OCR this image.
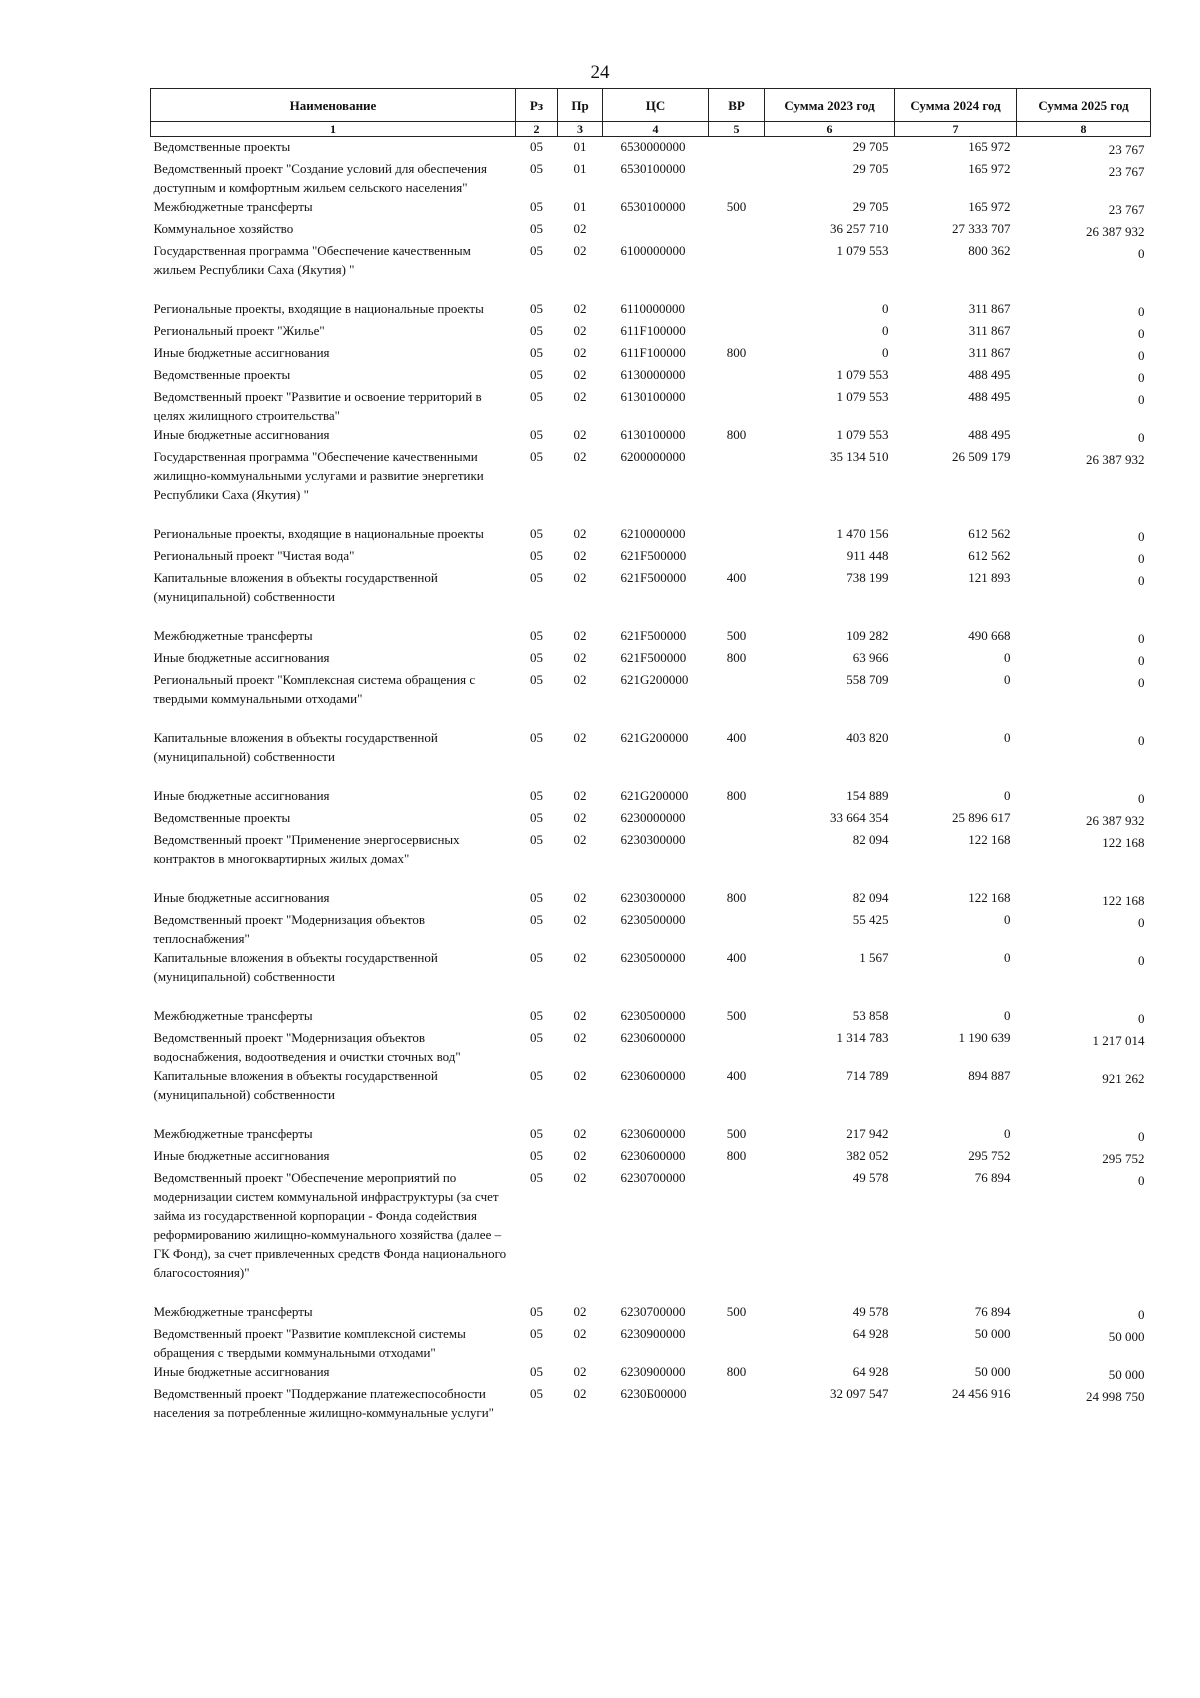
24
Наименование	Рз	Пр	ЦС	ВР	Сумма 2023 год	Сумма 2024 год	Сумма 2025 год
1	2	3	4	5	6	7	8
Ведомственные проекты	05	01	6530000000		29 705	165 972	23 767
Ведомственный проект "Создание условий для обеспечения доступным и комфортным жильем сельского населения"	05	01	6530100000		29 705	165 972	23 767
Межбюджетные трансферты	05	01	6530100000	500	29 705	165 972	23 767
Коммунальное хозяйство	05	02			36 257 710	27 333 707	26 387 932
Государственная программа "Обеспечение качественным жильем Республики Саха (Якутия) "	05	02	6100000000		1 079 553	800 362	0
Региональные проекты, входящие в национальные проекты	05	02	6110000000		0	311 867	0
Региональный проект "Жилье"	05	02	611F100000		0	311 867	0
Иные бюджетные ассигнования	05	02	611F100000	800	0	311 867	0
Ведомственные проекты	05	02	6130000000		1 079 553	488 495	0
Ведомственный проект "Развитие и освоение территорий в целях жилищного строительства"	05	02	6130100000		1 079 553	488 495	0
Иные бюджетные ассигнования	05	02	6130100000	800	1 079 553	488 495	0
Государственная программа "Обеспечение качественными жилищно-коммунальными услугами и развитие энергетики Республики Саха (Якутия) "	05	02	6200000000		35 134 510	26 509 179	26 387 932
Региональные проекты, входящие в национальные проекты	05	02	6210000000		1 470 156	612 562	0
Региональный проект "Чистая вода"	05	02	621F500000		911 448	612 562	0
Капитальные вложения в объекты государственной (муниципальной) собственности	05	02	621F500000	400	738 199	121 893	0
Межбюджетные трансферты	05	02	621F500000	500	109 282	490 668	0
Иные бюджетные ассигнования	05	02	621F500000	800	63 966	0	0
Региональный проект "Комплексная система обращения с твердыми коммунальными отходами"	05	02	621G200000		558 709	0	0
Капитальные вложения в объекты государственной (муниципальной) собственности	05	02	621G200000	400	403 820	0	0
Иные бюджетные ассигнования	05	02	621G200000	800	154 889	0	0
Ведомственные проекты	05	02	6230000000		33 664 354	25 896 617	26 387 932
Ведомственный проект "Применение энергосервисных контрактов в многоквартирных жилых домах"	05	02	6230300000		82 094	122 168	122 168
Иные бюджетные ассигнования	05	02	6230300000	800	82 094	122 168	122 168
Ведомственный проект "Модернизация объектов теплоснабжения"	05	02	6230500000		55 425	0	0
Капитальные вложения в объекты государственной (муниципальной) собственности	05	02	6230500000	400	1 567	0	0
Межбюджетные трансферты	05	02	6230500000	500	53 858	0	0
Ведомственный проект "Модернизация объектов водоснабжения, водоотведения и очистки сточных вод"	05	02	6230600000		1 314 783	1 190 639	1 217 014
Капитальные вложения в объекты государственной (муниципальной) собственности	05	02	6230600000	400	714 789	894 887	921 262
Межбюджетные трансферты	05	02	6230600000	500	217 942	0	0
Иные бюджетные ассигнования	05	02	6230600000	800	382 052	295 752	295 752
Ведомственный проект "Обеспечение мероприятий по модернизации систем коммунальной инфраструктуры (за счет займа из государственной корпорации - Фонда содействия реформированию жилищно-коммунального хозяйства (далее – ГК Фонд), за счет привлеченных средств Фонда национального благосостояния)"	05	02	6230700000		49 578	76 894	0
Межбюджетные трансферты	05	02	6230700000	500	49 578	76 894	0
Ведомственный проект "Развитие комплексной системы обращения с твердыми коммунальными отходами"	05	02	6230900000		64 928	50 000	50 000
Иные бюджетные ассигнования	05	02	6230900000	800	64 928	50 000	50 000
Ведомственный проект "Поддержание платежеспособности населения за потребленные жилищно-коммунальные услуги"	05	02	6230Б00000		32 097 547	24 456 916	24 998 750
